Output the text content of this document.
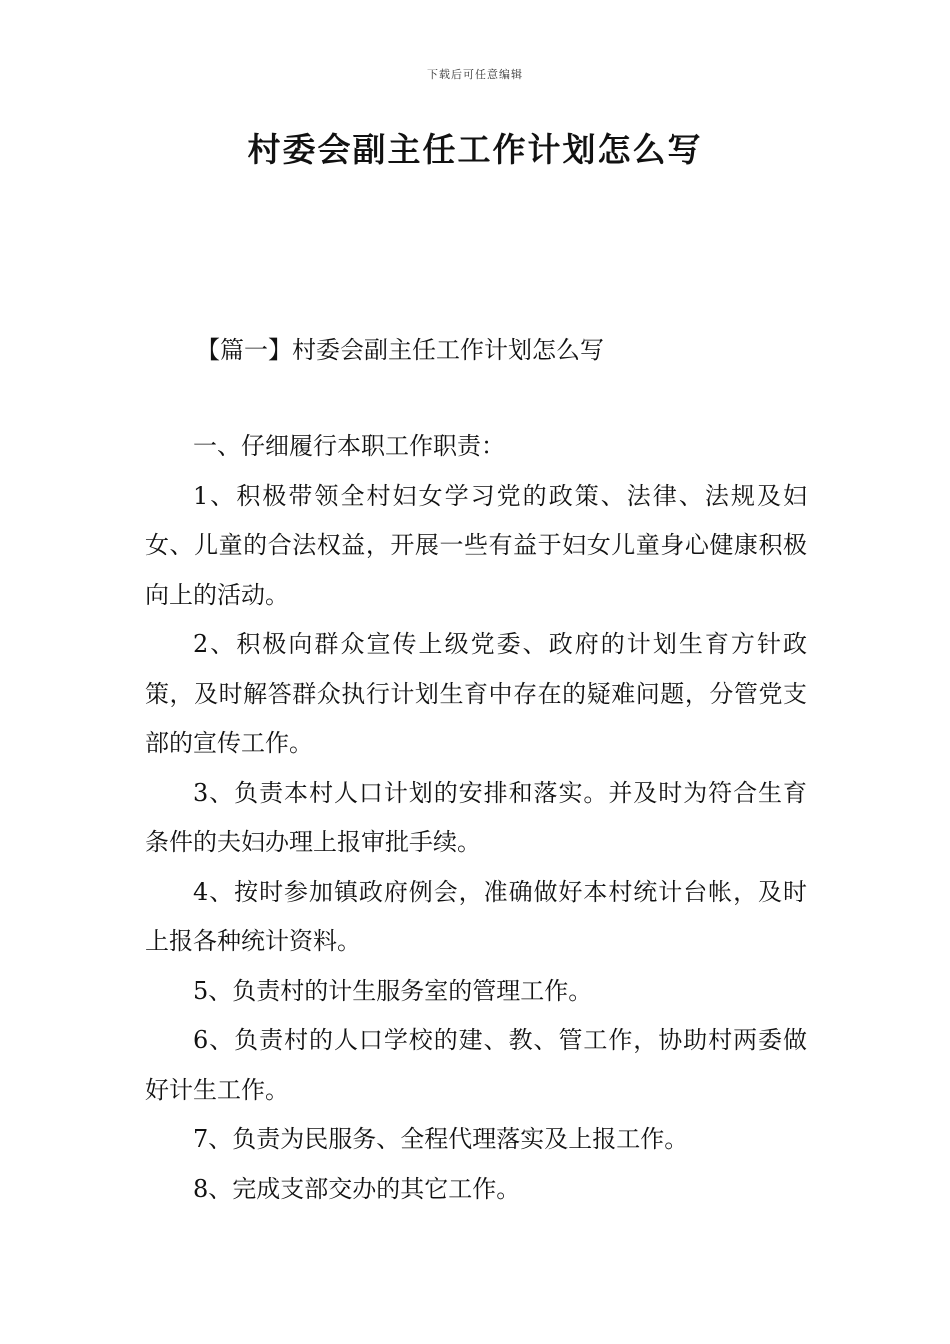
下载后可任意编辑
村委会副主任工作计划怎么写
【篇一】村委会副主任工作计划怎么写

一、仔细履行本职工作职责：

1、积极带领全村妇女学习党的政策、法律、法规及妇女、儿童的合法权益，开展一些有益于妇女儿童身心健康积极向上的活动。

2、积极向群众宣传上级党委、政府的计划生育方针政策，及时解答群众执行计划生育中存在的疑难问题，分管党支部的宣传工作。

3、负责本村人口计划的安排和落实。并及时为符合生育条件的夫妇办理上报审批手续。

4、按时参加镇政府例会，准确做好本村统计台帐，及时上报各种统计资料。

5、负责村的计生服务室的管理工作。

6、负责村的人口学校的建、教、管工作，协助村两委做好计生工作。

7、负责为民服务、全程代理落实及上报工作。

8、完成支部交办的其它工作。
